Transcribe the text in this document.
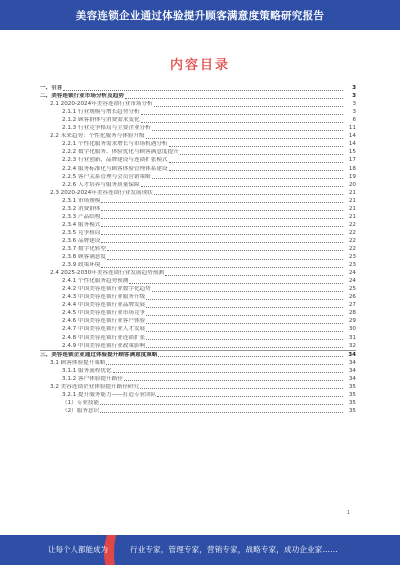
美容连锁企业通过体验提升顾客满意度策略研究报告
内容目录
一、引言	3
二、美容连锁行业市场分析及趋势	3
2.1 2020-2024年美容连锁行业市场分析	3
2.1.1 行业规模与增长趋势分析	3
2.1.2 顾客群体与消费需求变化	6
2.1.3 行业竞争格局与主要企业分析	11
2.2 未来趋势：个性化服务与体验升级	14
2.2.1 个性化服务需求增长与市场机遇分析	14
2.2.2 数字化服务、体验优化与顾客满意度提升	15
2.2.3 行业创新、品牌建设与连锁扩张模式	17
2.2.4 服务标准化与顾客体验管理体系建设	18
2.2.5 客户关系管理与会员营销策略	19
2.2.6 人才培养与服务质量保障	20
2.3 2020-2024年美容连锁行业发展现状	21
2.3.1 市场规模	21
2.3.2 消费群体	21
2.3.3 产品结构	21
2.3.4 服务模式	22
2.3.5 竞争格局	22
2.3.6 品牌建设	22
2.3.7 数字化转型	22
2.3.8 顾客满意度	23
2.3.9 政策环境	23
2.4 2025-2030年美容连锁行业发展趋势预测	24
2.4.1 个性化服务趋势预测	24
2.4.2 中国美容连锁行业数字化趋势	25
2.4.3 中国美容连锁行业服务升级	26
2.4.4 中国美容连锁行业品牌发展	27
2.4.5 中国美容连锁行业市场竞争	28
2.4.6 中国美容连锁行业客户体验	29
2.4.7 中国美容连锁行业人才发展	30
2.4.8 中国美容连锁行业连锁扩张	31
2.4.9 中国美容连锁行业政策影响	32
三、美容连锁企业通过体验提升顾客满意度策略	34
3.1 顾客体验提升策略	34
3.1.1 服务流程优化	34
3.1.2 客户体验提升路径	34
3.2 美容连锁企业体验提升路径研究	35
3.2.1 提升服务能力——打造专业团队	35
（1）专业技能	35
（2）服务意识	35
1
让每个人都能成为	行业专家，管理专家，营销专家，战略专家，成功企业家……
